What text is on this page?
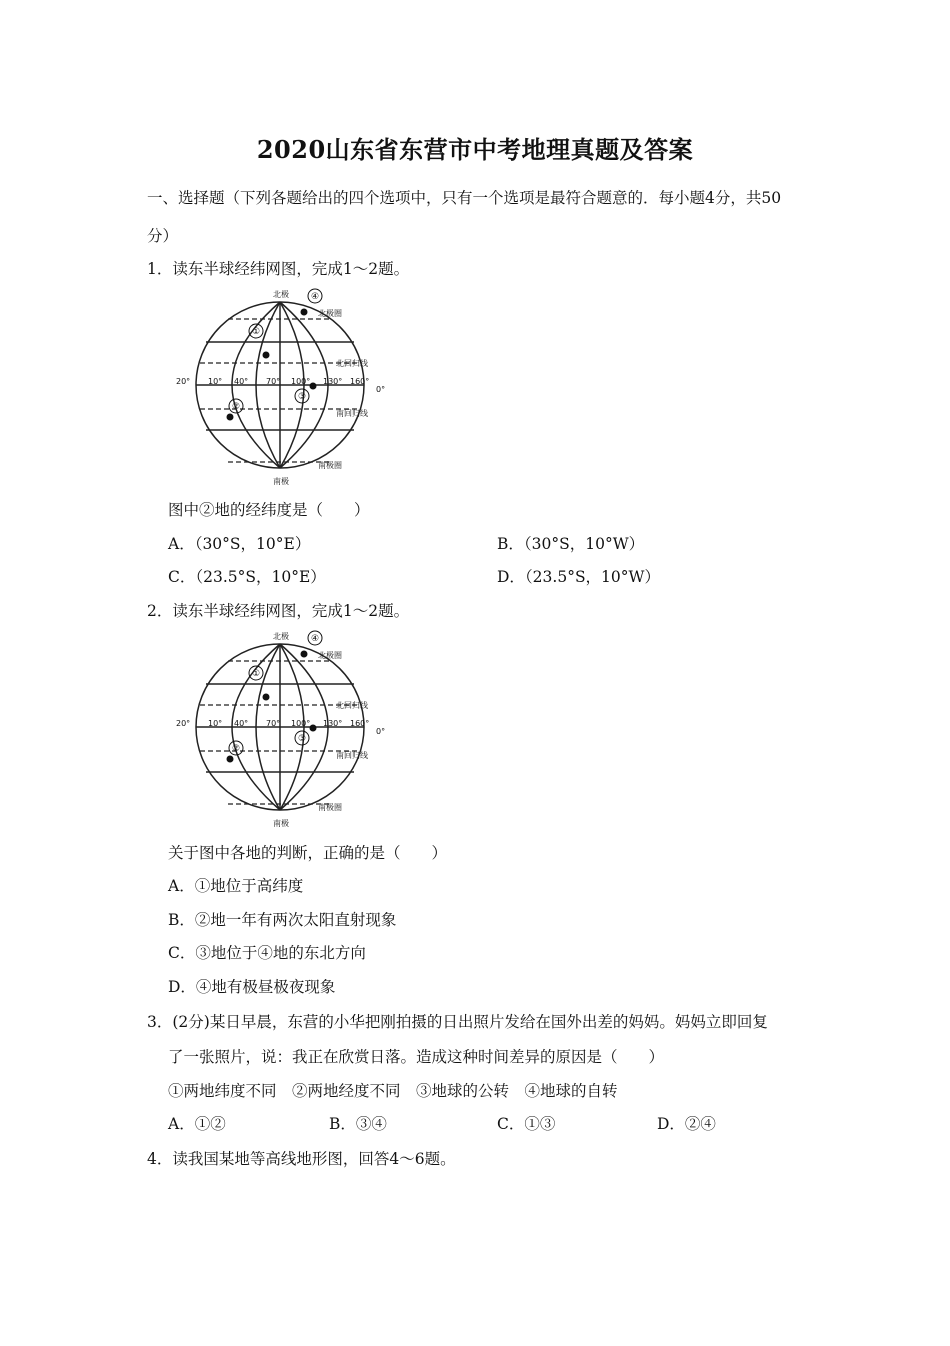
2020山东省东营市中考地理真题及答案
一、选择题（下列各题给出的四个选项中，只有一个选项是最符合题意的．每小题4分，共50
分）
1．读东半球经纬网图，完成1～2题。
北极
南极
北极圈
南极圈
北回归线
南回归线
20° 10° 40° 70° 100° 130° 160°
0°
①
②
③
④
图中②地的经纬度是（　　）
A．（30°S，10°E）	B．（30°S，10°W）
C．（23.5°S，10°E）	D．（23.5°S，10°W）
2．读东半球经纬网图，完成1～2题。
北极
南极
北极圈
南极圈
北回归线
南回归线
20° 10° 40° 70° 100° 130° 160°
0°
①
②
③
④
关于图中各地的判断，正确的是（　　）
A．①地位于高纬度
B．②地一年有两次太阳直射现象
C．③地位于④地的东北方向
D．④地有极昼极夜现象
3．(2分)某日早晨，东营的小华把刚拍摄的日出照片发给在国外出差的妈妈。妈妈立即回复
了一张照片，说：我正在欣赏日落。造成这种时间差异的原因是（　　）
①两地纬度不同　②两地经度不同　③地球的公转　④地球的自转
A．①②	B．③④	C．①③	D．②④
4．读我国某地等高线地形图，回答4～6题。
